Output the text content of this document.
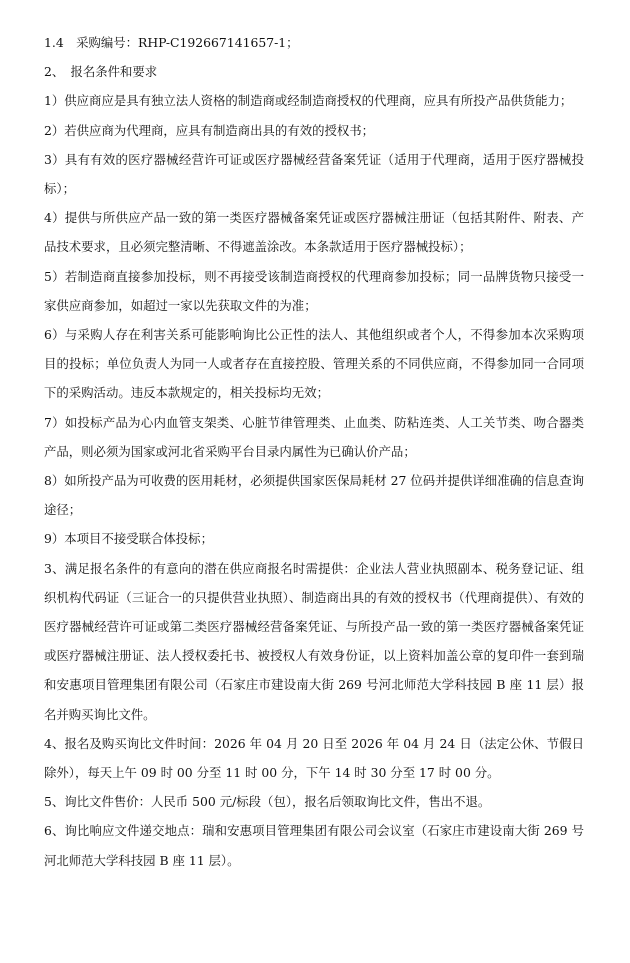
1.4　采购编号：RHP-C192667141657-1；

2、　报名条件和要求

1）供应商应是具有独立法人资格的制造商或经制造商授权的代理商，应具有所投产品供货能力；

2）若供应商为代理商，应具有制造商出具的有效的授权书；

3）具有有效的医疗器械经营许可证或医疗器械经营备案凭证（适用于代理商，适用于医疗器械投标）；

4）提供与所供应产品一致的第一类医疗器械备案凭证或医疗器械注册证（包括其附件、附表、产品技术要求，且必须完整清晰、不得遮盖涂改。本条款适用于医疗器械投标）；

5）若制造商直接参加投标，则不再接受该制造商授权的代理商参加投标；同一品牌货物只接受一家供应商参加，如超过一家以先获取文件的为准；

6）与采购人存在利害关系可能影响询比公正性的法人、其他组织或者个人，不得参加本次采购项目的投标；单位负责人为同一人或者存在直接控股、管理关系的不同供应商，不得参加同一合同项下的采购活动。违反本款规定的，相关投标均无效；

7）如投标产品为心内血管支架类、心脏节律管理类、止血类、防粘连类、人工关节类、吻合器类产品，则必须为国家或河北省采购平台目录内属性为已确认价产品；

8）如所投产品为可收费的医用耗材，必须提供国家医保局耗材 27 位码并提供详细准确的信息查询途径；

9）本项目不接受联合体投标；

3、满足报名条件的有意向的潜在供应商报名时需提供：企业法人营业执照副本、税务登记证、组织机构代码证（三证合一的只提供营业执照）、制造商出具的有效的授权书（代理商提供）、有效的医疗器械经营许可证或第二类医疗器械经营备案凭证、与所投产品一致的第一类医疗器械备案凭证或医疗器械注册证、法人授权委托书、被授权人有效身份证，以上资料加盖公章的复印件一套到瑞和安惠项目管理集团有限公司（石家庄市建设南大街 269 号河北师范大学科技园 B 座 11 层）报名并购买询比文件。

4、报名及购买询比文件时间：2026 年 04 月 20 日至 2026 年 04 月 24 日（法定公休、节假日除外），每天上午 09 时 00 分至 11 时 00 分，下午 14 时 30 分至 17 时 00 分。

5、询比文件售价：人民币 500 元/标段（包），报名后领取询比文件，售出不退。

6、询比响应文件递交地点：瑞和安惠项目管理集团有限公司会议室（石家庄市建设南大街 269 号河北师范大学科技园 B 座 11 层）。
